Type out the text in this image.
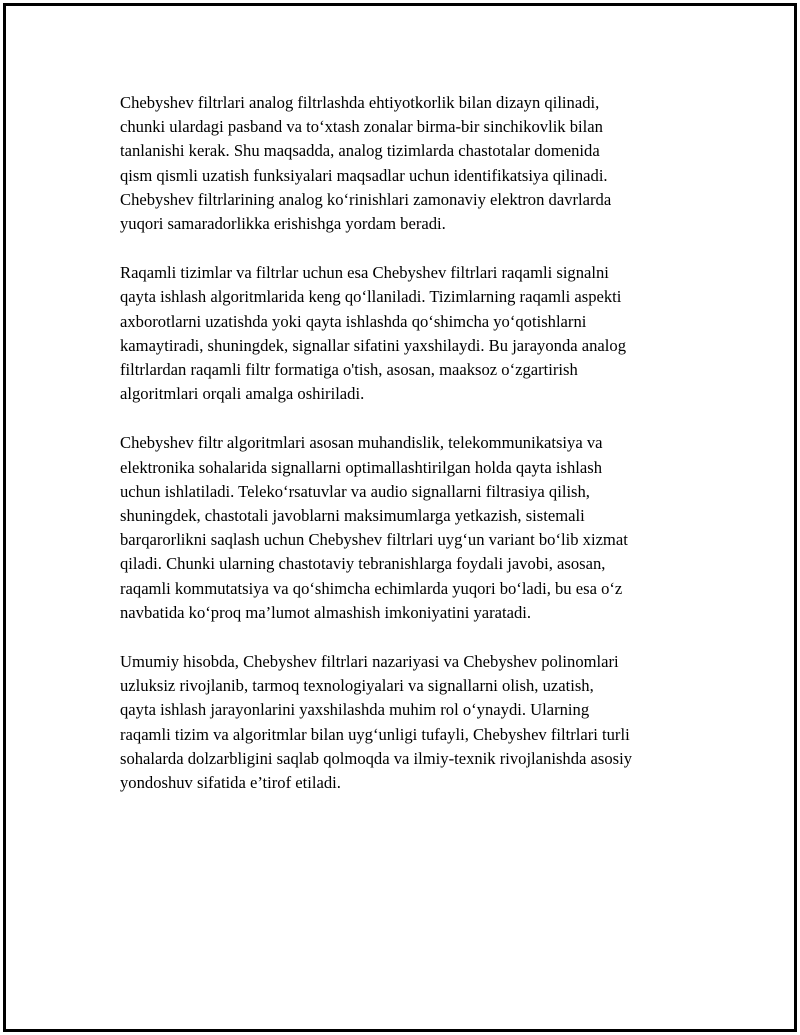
Chebyshev filtrlari analog filtrlashda ehtiyotkorlik bilan dizayn qilinadi,
chunki ulardagi pasband va to‘xtash zonalar birma-bir sinchikovlik bilan
tanlanishi kerak. Shu maqsadda, analog tizimlarda chastotalar domenida
qism qismli uzatish funksiyalari maqsadlar uchun identifikatsiya qilinadi.
Chebyshev filtrlarining analog ko‘rinishlari zamonaviy elektron davrlarda
yuqori samaradorlikka erishishga yordam beradi.

Raqamli tizimlar va filtrlar uchun esa Chebyshev filtrlari raqamli signalni
qayta ishlash algoritmlarida keng qo‘llaniladi. Tizimlarning raqamli aspekti
axborotlarni uzatishda yoki qayta ishlashda qo‘shimcha yo‘qotishlarni
kamaytiradi, shuningdek, signallar sifatini yaxshilaydi. Bu jarayonda analog
filtrlardan raqamli filtr formatiga o'tish, asosan, maaksoz o‘zgartirish
algoritmlari orqali amalga oshiriladi.

Chebyshev filtr algoritmlari asosan muhandislik, telekommunikatsiya va
elektronika sohalarida signallarni optimallashtirilgan holda qayta ishlash
uchun ishlatiladi. Teleko‘rsatuvlar va audio signallarni filtrasiya qilish,
shuningdek, chastotali javoblarni maksimumlarga yetkazish, sistemali
barqarorlikni saqlash uchun Chebyshev filtrlari uyg‘un variant bo‘lib xizmat
qiladi. Chunki ularning chastotaviy tebranishlarga foydali javobi, asosan,
raqamli kommutatsiya va qo‘shimcha echimlarda yuqori bo‘ladi, bu esa o‘z
navbatida ko‘proq ma’lumot almashish imkoniyatini yaratadi.

Umumiy hisobda, Chebyshev filtrlari nazariyasi va Chebyshev polinomlari
uzluksiz rivojlanib, tarmoq texnologiyalari va signallarni olish, uzatish,
qayta ishlash jarayonlarini yaxshilashda muhim rol o‘ynaydi. Ularning
raqamli tizim va algoritmlar bilan uyg‘unligi tufayli, Chebyshev filtrlari turli
sohalarda dolzarbligini saqlab qolmoqda va ilmiy-texnik rivojlanishda asosiy
yondoshuv sifatida e’tirof etiladi.
